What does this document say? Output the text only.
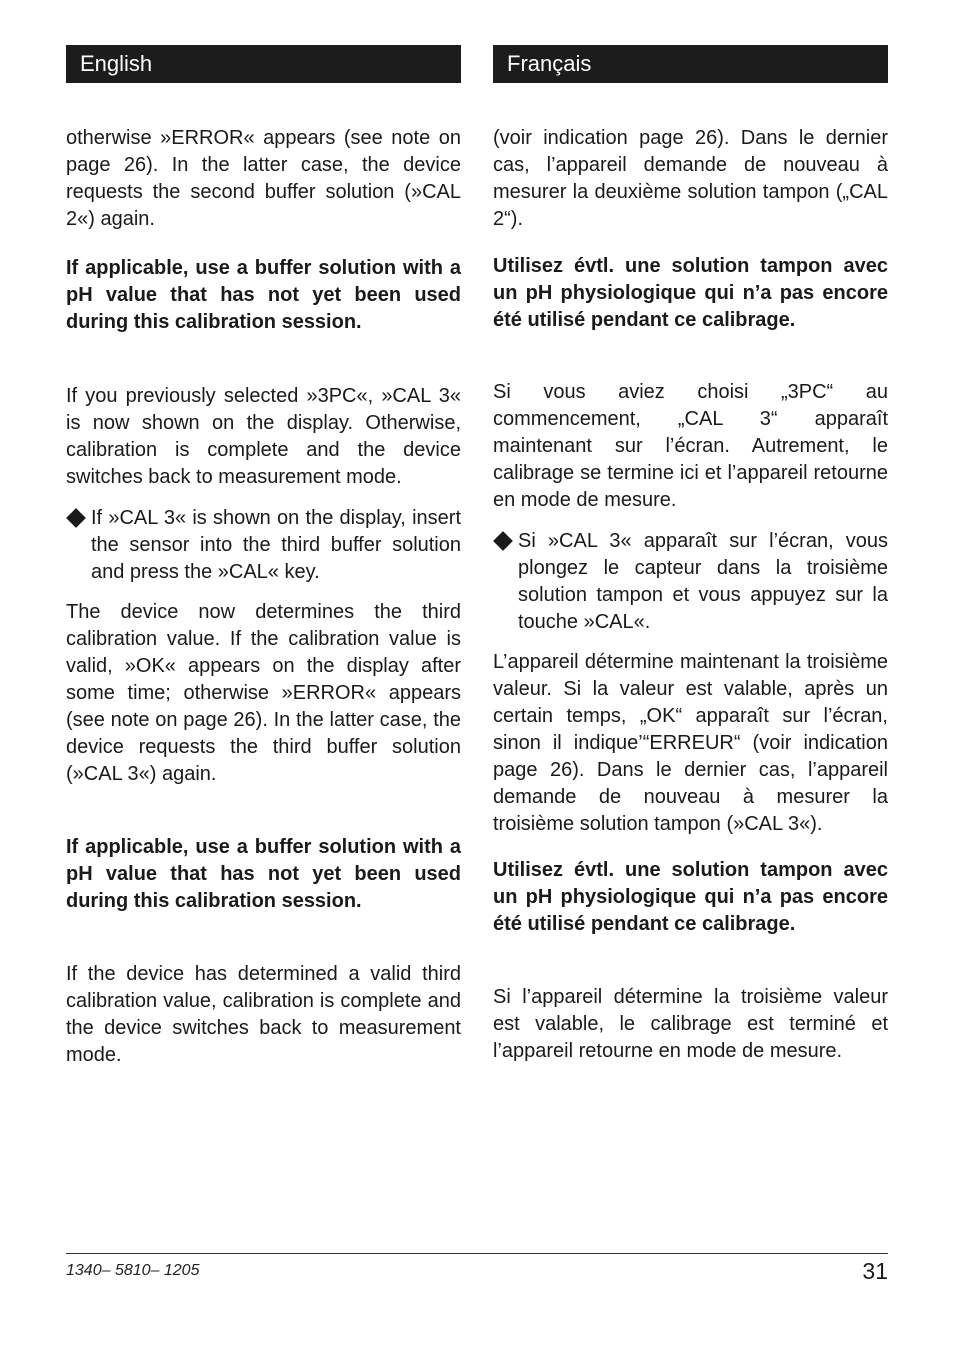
English	Français

otherwise »ERROR« appears (see note on page 26). In the latter case, the device requests the second buffer solution (»CAL 2«) again.

If applicable, use a buffer solution with a pH value that has not yet been used during this calibration session.

If you previously selected »3PC«, »CAL 3« is now shown on the display. Otherwise, calibration is complete and the device switches back to measurement mode.

If »CAL 3« is shown on the display, insert the sensor into the third buffer solution and press the »CAL« key.

The device now determines the third calibration value. If the calibration value is valid, »OK« appears on the display after some time; otherwise »ERROR« appears (see note on page 26). In the latter case, the device requests the third buffer solution (»CAL 3«) again.

If applicable, use a buffer solution with a pH value that has not yet been used during this calibration session.

If the device has determined a valid third calibration value, calibration is complete and the device switches back to measurement mode.

(voir indication page 26). Dans le dernier cas, l’appareil demande de nouveau à mesurer la deuxième solution tampon („CAL 2“).

Utilisez évtl. une solution tampon avec un pH physiologique qui n’a pas encore été utilisé pendant ce calibrage.

Si vous aviez choisi „3PC“ au commencement, „CAL 3“ apparaît maintenant sur l’écran. Autrement, le calibrage se termine ici et l’appareil retourne en mode de mesure.

Si »CAL 3« apparaît sur l’écran, vous plongez le capteur dans la troisième solution tampon et vous appuyez sur la touche »CAL«.

L’appareil détermine maintenant la troisième valeur. Si la valeur est valable, après un certain temps, „OK“ apparaît sur l’écran, sinon il indique’“ERREUR“ (voir indication page 26). Dans le dernier cas, l’appareil demande de nouveau à mesurer la troisième solution tampon (»CAL 3«).

Utilisez évtl. une solution tampon avec un pH physiologique qui n’a pas encore été utilisé pendant ce calibrage.

Si l’appareil détermine la troisième valeur est valable, le calibrage est terminé et l’appareil retourne en mode de mesure.

1340– 5810– 1205	31
